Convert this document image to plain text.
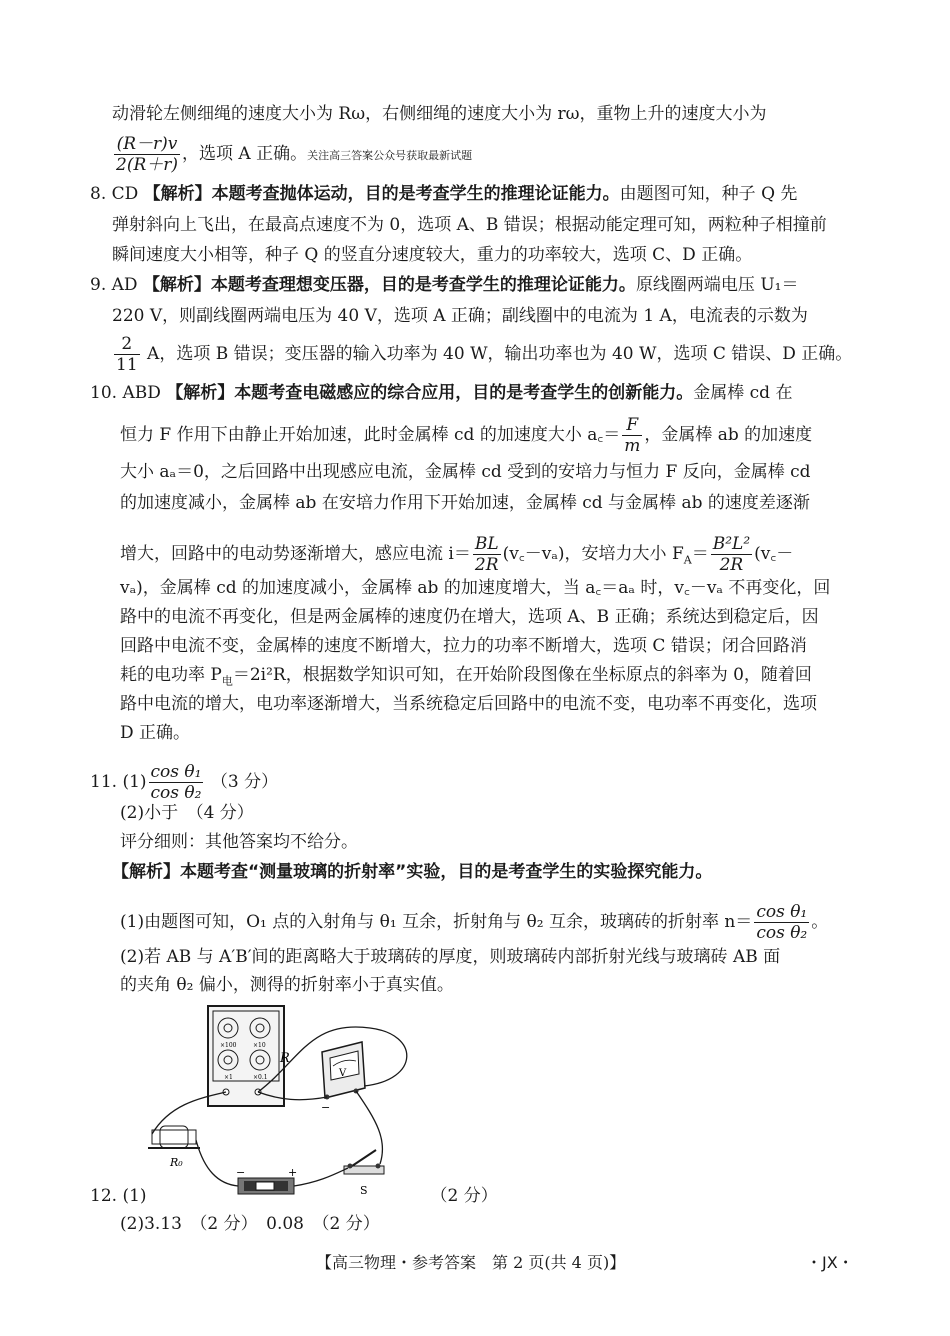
动滑轮左侧细绳的速度大小为 Rω，右侧细绳的速度大小为 rω，重物上升的速度大小为
$\frac{(R-r)v}{2(R+r)}$ ，选项 A 正确。关注高三答案公众号获取最新试题
8. CD 【解析】本题考查抛体运动，目的是考查学生的推理论证能力。由题图可知，种子 Q 先
弹射斜向上飞出，在最高点速度不为 0，选项 A、B 错误；根据动能定理可知，两粒种子相撞前
瞬间速度大小相等，种子 Q 的竖直分速度较大，重力的功率较大，选项 C、D 正确。
9. AD 【解析】本题考查理想变压器，目的是考查学生的推理论证能力。原线圈两端电压 U₁＝
220 V，则副线圈两端电压为 40 V，选项 A 正确；副线圈中的电流为 1 A，电流表的示数为
$\frac{2}{11}$ A，选项 B 错误；变压器的输入功率为 40 W，输出功率也为 40 W，选项 C 错误、D 正确。
10. ABD 【解析】本题考查电磁感应的综合应用，目的是考查学生的创新能力。金属棒 cd 在
恒力 F 作用下由静止开始加速，此时金属棒 cd 的加速度大小 a꜀＝ $\frac{F}{m}$ ，金属棒 ab 的加速度
大小 aₐ＝0，之后回路中出现感应电流，金属棒 cd 受到的安培力与恒力 F 反向，金属棒 cd
的加速度减小，金属棒 ab 在安培力作用下开始加速，金属棒 cd 与金属棒 ab 的速度差逐渐
增大，回路中的电动势逐渐增大，感应电流 $i= \frac{BL}{2R}$ (v꜀－vₐ)，安培力大小 $F_A= \frac{\text{B²L²}}{2R}$ (v꜀－
vₐ)，金属棒 cd 的加速度减小，金属棒 ab 的加速度增大，当 a꜀＝aₐ 时，v꜀－vₐ 不再变化，回
路中的电流不再变化，但是两金属棒的速度仍在增大，选项 A、B 正确；系统达到稳定后，因
回路中电流不变，金属棒的速度不断增大，拉力的功率不断增大，选项 C 错误；闭合回路消
耗的电功率 $P_电=2i^2R$，根据数学知识可知，在开始阶段图像在坐标原点的斜率为 0，随着回
路中电流的增大，电功率逐渐增大，当系统稳定后回路中的电流不变，电功率不再变化，选项
D 正确。
11. $(1) \frac{\text{cos θ₁}}{\text{cos θ₂}} (3$ 分）
(2)小于　（4 分）
评分细则：其他答案均不给分。
【解析】本题考查“测量玻璃的折射率”实验，目的是考查学生的实验探究能力。
(1)由题图可知，O₁ 点的入射角与 θ₁ 互余，折射角与 θ₂ 互余，玻璃砖的折射率 $n= \frac{\text{cos θ₁}}{\text{cos θ₂}}$ 。
(2)若 AB 与 A′B′间的距离略大于玻璃砖的厚度，则玻璃砖内部折射光线与玻璃砖 AB 面
的夹角 θ₂ 偏小，测得的折射率小于真实值。
×100	×10
×1	×0.1
R
V
−
R₀
−	+
S
12. (1)	（2 分）
(2)3.13　（2 分）　0.08　（2 分）
【高三物理・参考答案　第 2 页(共 4 页)】	・JX・
